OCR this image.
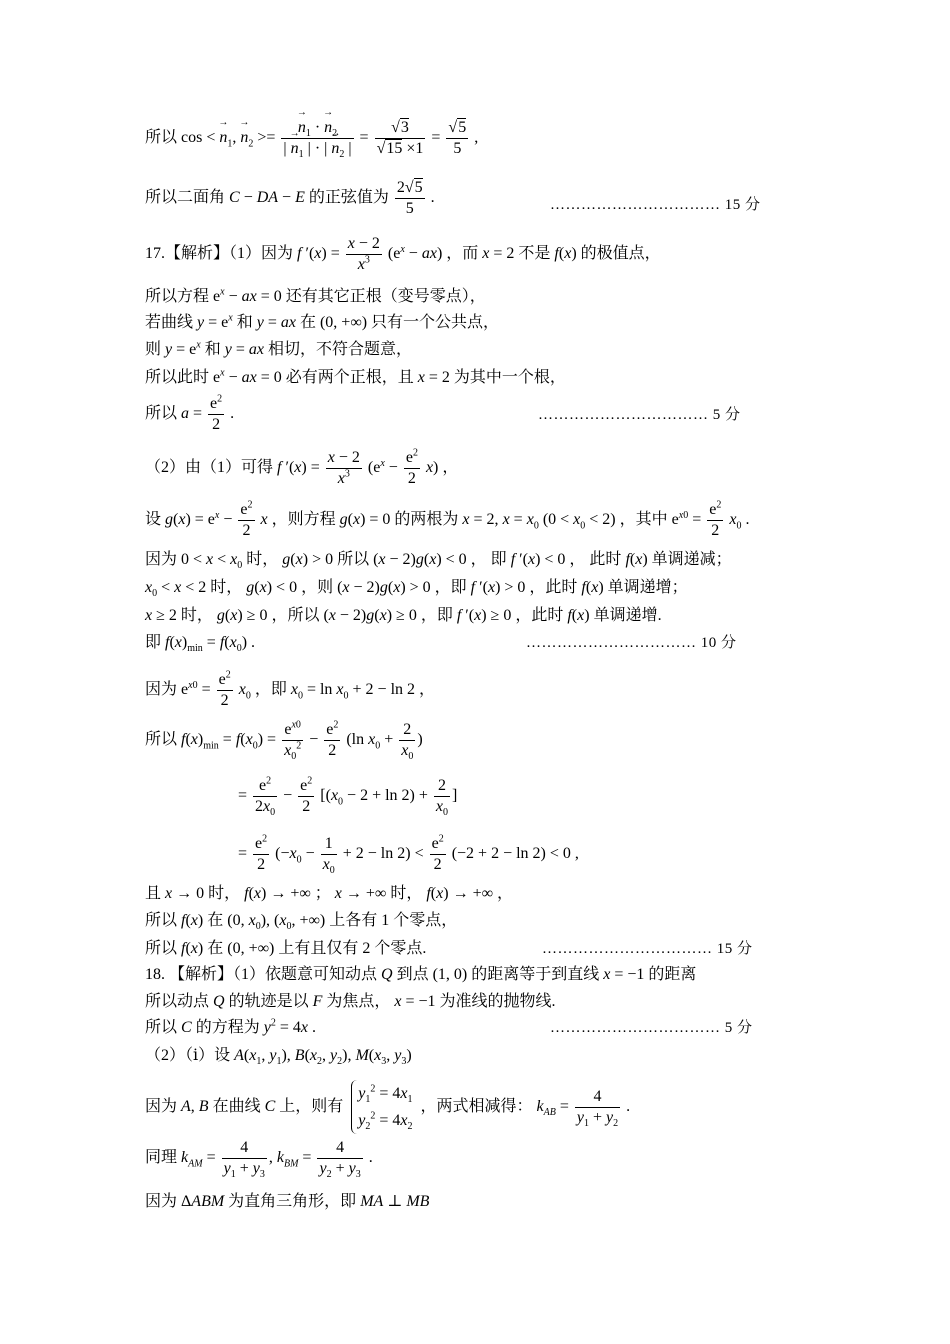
所以 cos < → $n_1$, → $n_2$ >=
→ $\frac{n_1 \cdot \to n_2}{| \to n_1 | \cdot | \to n_2 |} = \frac{√3}{√15 \times 1} = \frac{√5}{5}$ ,
所以二面角 C − DA − E 的正弦值为 $\frac{2√5}{5}$ .	…………………………… 15 分
17.【解析】（1）因为 f $'(x) = \frac{x - 2}{x^3} (e^x - ax)$ ，而 x = 2 不是 f(x) 的极值点，
所以方程 $e^x$ − ax = 0 还有其它正根（变号零点），
若曲线 $y = e^x$ 和 y = ax 在 (0, +∞) 只有一个公共点，
则 $y = e^x$ 和 y = ax 相切，不符合题意，
所以此时 $e^x$ − ax = 0 必有两个正根，且 x = 2 为其中一个根，
所以 $a = \frac{e^2}{2}$ .	…………………………… 5 分
（2）由（1）可得 f $'(x) = \frac{x - 2}{x^3} (e^x - \frac{e^2}{2} x)$ ，
设 $g(x) = e^x - \frac{e^2}{2}$ x ，则方程 g(x) = 0 的两根为 x = 2, $x = x_0$ $(0 < x_0 < 2)$ ，其中 $e^{x0} = \frac{e^2}{2} x_0$ .
因为 $0 < x < x_0$ 时， g(x) > 0 所以 (x − 2)g(x) < 0 ， 即 f ′(x) < 0 ， 此时 f(x) 单调递减；
$x_0 < x < 2$ 时， g(x) < 0 ，则 (x − 2)g(x) > 0 ，即 f ′(x) > 0 ，此时 f(x) 单调递增；
x ≥ 2 时， g(x) ≥ 0 ，所以 (x − 2)g(x) ≥ 0 ，即 f ′(x) ≥ 0 ，此时 f(x) 单调递增.
即 $f(x)_{min} = f(x_0)$ .	…………………………… 10 分
因为 $e^{x0} = \frac{e^2}{2} x_0$ ，即 $x_0 = \ln x_0 + 2 - \ln 2$ ，
所以 $f(x)_{min} = f(x_0) = \frac{e^{x0}}{x_0^2} - \frac{e^2}{2} (\ln$ $x_0 + \frac{2}{x_0}$ )
= $\frac{e^2}{2x_0} - \frac{e^2}{2} [(x_0 - 2 + \ln 2) + \frac{2}{x_0}$ ]
= $\frac{e^2}{2} (-x_0 - \frac{1}{x_0} + 2 - \ln 2) < \frac{e^2}{2} (-2 + 2 - \ln 2) < 0$ ,
且 x → 0 时， f(x) → +∞ ； x → +∞ 时， f(x) → +∞ ，
所以 f(x) 在 (0, $x_0$), ($x_0$, +∞) 上各有 1 个零点，
所以 f(x) 在 (0, +∞) 上有且仅有 2 个零点.	…………………………… 15 分
18. 【解析】（1）依题意可知动点 Q 到点 (1, 0) 的距离等于到直线 x = −1 的距离
所以动点 Q 的轨迹是以 F 为焦点， x = −1 为准线的抛物线.
所以 C 的方程为 $y^2 = 4x$ .	…………………………… 5 分
（2）（ⅰ）设 $A(x_1$, $y_1$), $B(x_2$, $y_2$), $M(x_3$, $y_3$)
因为 A, B 在曲线 C 上，则有
$y_1^2 = 4x_1$
$y_2^2 = 4x_2$
，两式相减得： $k_{AB} = \frac{4}{y_1 + y_2}$ .
同理 $k_{AM} = \frac{4}{y_1 + y_3}$ , $k_{BM} = \frac{4}{y_2 + y_3}$ .
因为 ΔABM 为直角三角形，即 MA ⊥ MB
